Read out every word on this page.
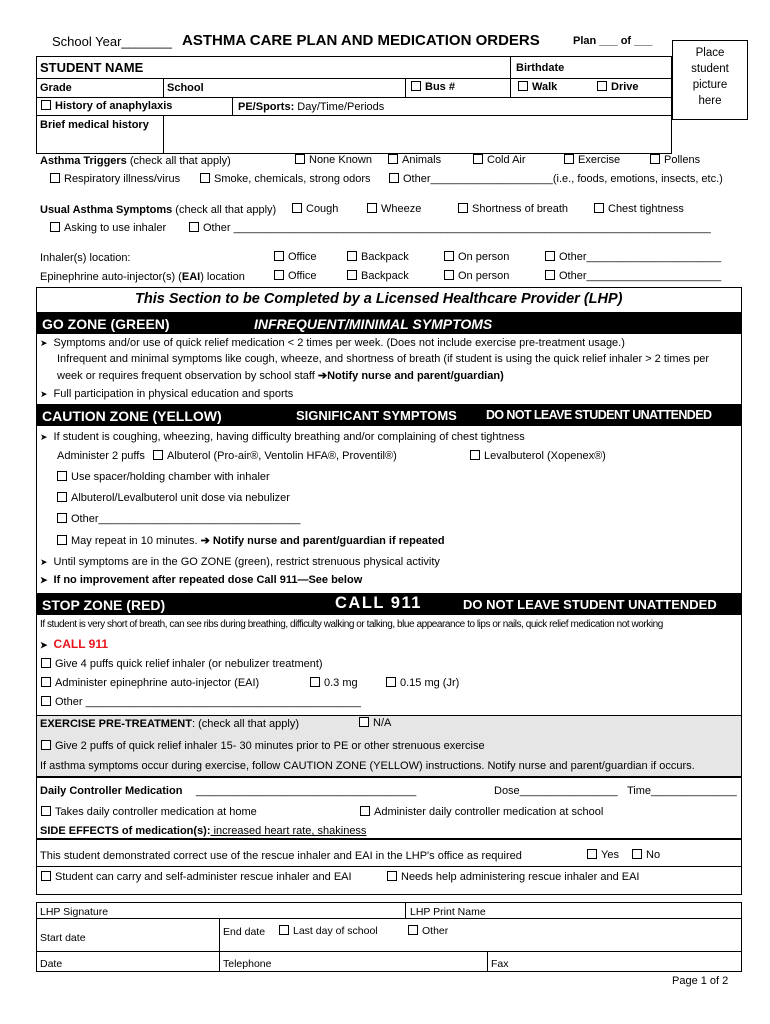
School Year_______ ASTHMA CARE PLAN AND MEDICATION ORDERS	Plan ___ of ___
Place
student
picture
here
STUDENT NAME	Birthdate
Grade	School	Bus #	Walk	Drive
History of anaphylaxis	PE/Sports: Day/Time/Periods
Brief medical history
Asthma Triggers (check all that apply)	None Known	Animals	Cold Air	Exercise	Pollens
Respiratory illness/virus	Smoke, chemicals, strong odors	Other____________________(i.e., foods, emotions, insects, etc.)
Usual Asthma Symptoms (check all that apply)	Cough	Wheeze	Shortness of breath	Chest tightness
Asking to use inhaler	Other ______________________________________________________________________________
Inhaler(s) location:	Office	Backpack	On person	Other______________________
Epinephrine auto-injector(s) (EAI) location	Office	Backpack	On person	Other______________________
This Section to be Completed by a Licensed Healthcare Provider (LHP)
GO ZONE (GREEN)	INFREQUENT/MINIMAL SYMPTOMS
➤ Symptoms and/or use of quick relief medication < 2 times per week. (Does not include exercise pre-treatment usage.)
Infrequent and minimal symptoms like cough, wheeze, and shortness of breath (if student is using the quick relief inhaler > 2 times per
week or requires frequent observation by school staff ➔Notify nurse and parent/guardian)
➤ Full participation in physical education and sports
CAUTION ZONE (YELLOW)	SIGNIFICANT SYMPTOMS DO NOT LEAVE STUDENT UNATTENDED
➤ If student is coughing, wheezing, having difficulty breathing and/or complaining of chest tightness
Administer 2 puffs	Albuterol (Pro-air®, Ventolin HFA®, Proventil®)	Levalbuterol (Xopenex®)
Use spacer/holding chamber with inhaler
Albuterol/Levalbuterol unit dose via nebulizer
Other_________________________________
May repeat in 10 minutes. ➔ Notify nurse and parent/guardian if repeated
➤ Until symptoms are in the GO ZONE (green), restrict strenuous physical activity
➤ If no improvement after repeated dose Call 911—See below
STOP ZONE (RED)	CALL 911	DO NOT LEAVE STUDENT UNATTENDED
If student is very short of breath, can see ribs during breathing, difficulty walking or talking, blue appearance to lips or nails, quick relief medication not working
➤ CALL 911
Give 4 puffs quick relief inhaler (or nebulizer treatment)
Administer epinephrine auto-injector (EAI)	0.3 mg	0.15 mg (Jr)
Other _____________________________________________
EXERCISE PRE-TREATMENT: (check all that apply)	N/A
Give 2 puffs of quick relief inhaler 15- 30 minutes prior to PE or other strenuous exercise
If asthma symptoms occur during exercise, follow CAUTION ZONE (YELLOW) instructions. Notify nurse and parent/guardian if occurs.
Daily Controller Medication ____________________________________	Dose________________ Time______________
Takes daily controller medication at home	Administer daily controller medication at school
SIDE EFFECTS of medication(s): increased heart rate, shakiness
This student demonstrated correct use of the rescue inhaler and EAI in the LHP's office as required	Yes	No
Student can carry and self-administer rescue inhaler and EAI	Needs help administering rescue inhaler and EAI
LHP Signature	LHP Print Name
Start date	End date	Last day of school	Other
Date	Telephone	Fax
Page 1 of 2
